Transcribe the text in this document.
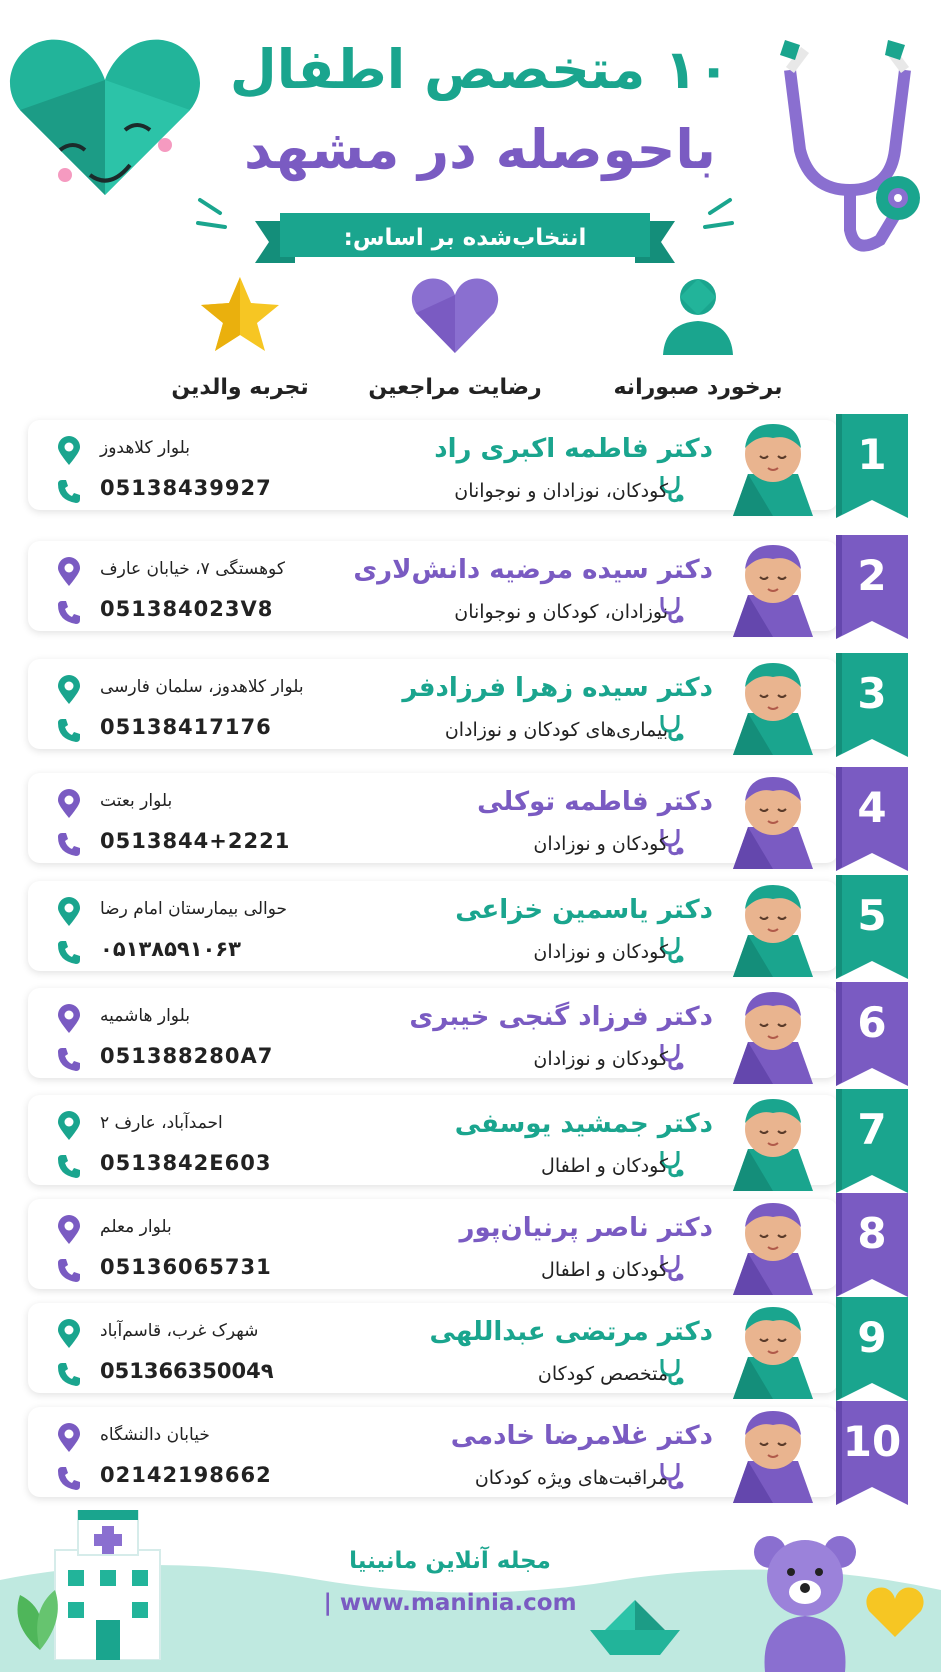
۱۰ متخصص اطفال
باحوصله در مشهد
انتخاب‌شده بر اساس:
برخورد صبورانه
رضایت مراجعین
تجربه والدین
1
دکتر فاطمه اکبری راد
کودکان، نوزادان و نوجوانان
بلوار کلاهدوز
05138439927
2
دکتر سیده مرضیه دانش‌لاری
نوزادان، کودکان و نوجوانان
کوهستگی ۷، خیابان عارف
051384023V8
3
دکتر سیده زهرا فرزادفر
بیماری‌های کودکان و نوزادان
بلوار کلاهدوز، سلمان فارسی
05138417176
4
دکتر فاطمه توکلی
کودکان و نوزادان
بلوار بعتت
0513844+2221
5
دکتر یاسمین خزاعی
کودکان و نوزادان
حوالی بیمارستان امام رضا
۰۵۱۳۸۵۹۱۰۶۳
6
دکتر فرزاد گنجی خیبری
کودکان و نوزادان
بلوار هاشمیه
051388280A7
7
دکتر جمشید یوسفی
کودکان و اطفال
احمدآباد، عارف ۲
0513842E603
8
دکتر ناصر پرنیان‌پور
کودکان و اطفال
بلوار معلم
05136065731
9
دکتر مرتضی عبداللهی
متخصص کودکان
شهرک غرب، قاسم‌آباد
05136635004۹
10
دکتر غلامرضا خادمی
مراقبت‌های ویژه کودکان
خیابان دالنشگاه
02142198662
مجله آنلاین مانینیا
| www.maninia.com
